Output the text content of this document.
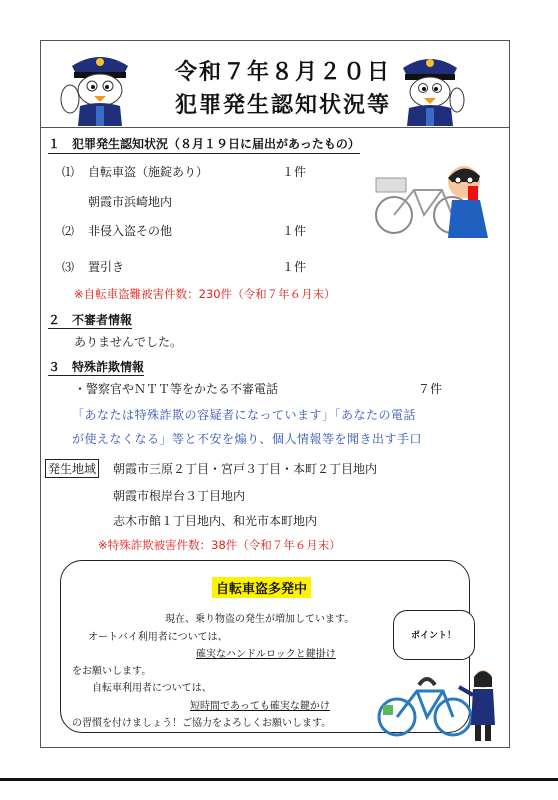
令和７年８月２０日
犯罪発生認知状況等
１　犯罪発生認知状況（８月１９日に届出があったもの）
⑴ 自転車盗（施錠あり）	１件
朝霞市浜崎地内
⑵ 非侵入盗その他	１件
⑶ 置引き	１件
※自転車盗難被害件数：230件（令和７年６月末）
２　不審者情報
ありませんでした。
３　特殊詐欺情報
・警察官やＮＴＴ等をかたる不審電話	７件
「あなたは特殊詐欺の容疑者になっています」「あなたの電話
が使えなくなる」等と不安を煽り、個人情報等を聞き出す手口
発生地域 朝霞市三原２丁目・宮戸３丁目・本町２丁目地内
朝霞市根岸台３丁目地内
志木市館１丁目地内、和光市本町地内
※特殊詐欺被害件数：38件（令和７年６月末）
自転車盗多発中
現在、乗り物盗の発生が増加しています。
オートバイ利用者については、
確実なハンドルロックと鍵掛け
をお願いします。
自転車利用者については、
短時間であっても確実な鍵かけ
の習慣を付けましょう！ご協力をよろしくお願いします。
ポイント！
